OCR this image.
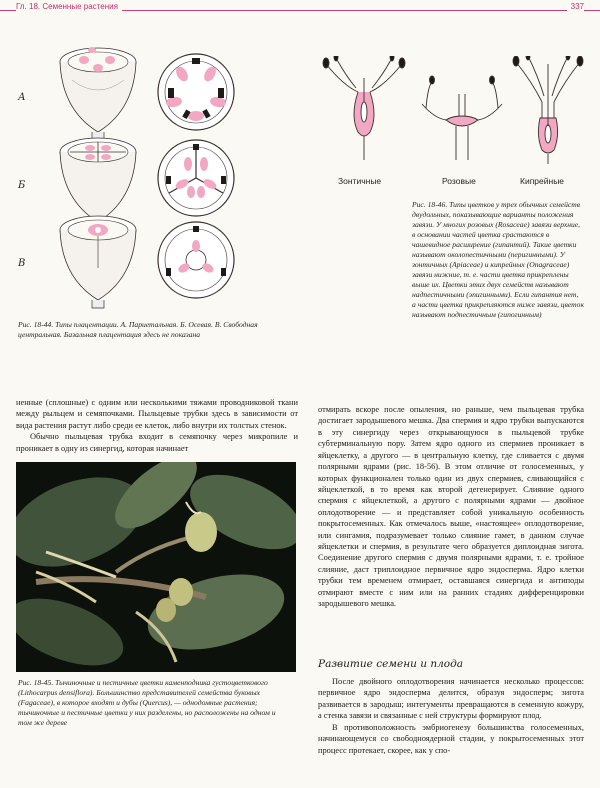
Гл. 18. Семенные растения	337
А
Б
В
Рис. 18-44. Типы плацентации. А. Париетальная. Б. Осевая. В. Свободная центральная. Базальная плацентация здесь не показана
Зонтичные	Розовые	Кипрейные
Рис. 18-46. Типы цветков у трех обычных семейств двудольных, показывающие варианты положения завязи. У многих розовых (Rosaceae) завязи верхние, в основании частей цветка срастаются в чашевидное расширение (гипантий). Такие цветки называют околопестичными (перигинными). У зонтичных (Apiaceae) и кипрейных (Onagraceae) завязи нижние, т. е. части цветка прикреплены выше их. Цветки этих двух семейств называют надпестичными (эпигинными). Если гипантия нет, а части цветка прикрепляются ниже завязи, цветок называют подпестичным (гипогинным)

ненные (сплошные) с одним или несколькими тяжами проводниковой ткани между рыльцем и семяпочками. Пыльцевые трубки здесь в зависимости от вида растения растут либо среди ее клеток, либо внутри их толстых стенок.

Обычно пыльцевая трубка входит в семяпочку через микропиле и проникает в одну из синергид, которая начинает

Рис. 18-45. Тычиночные и пестичные цветки каменподника густоцветкового (Lithocarpus densiflora). Большинство представителей семейства буковых (Fagaceae), в которое входят и дубы (Quercus), — однодомные растения; тычиночные и пестичные цветки у них разделены, но расположены на одном и том же дереве

отмирать вскоре после опыления, но раньше, чем пыльцевая трубка достигает зародышевого мешка. Два спермия и ядро трубки выпускаются в эту синергиду через открывающуюся в пыльцевой трубке субтерминальную пору. Затем ядро одного из спермиев проникает в яйцеклетку, а другого — в центральную клетку, где сливается с двумя полярными ядрами (рис. 18-56). В этом отличие от голосеменных, у которых функционален только один из двух спермиев, сливающийся с яйцеклеткой, в то время как второй дегенерирует. Слияние одного спермия с яйцеклеткой, а другого с полярными ядрами — двойное оплодотворение — и представляет собой уникальную особенность покрытосеменных. Как отмечалось выше, «настоящее» оплодотворение, или сингамия, подразумевает только слияние гамет, в данном случае яйцеклетки и спермия, в результате чего образуется диплоидная зигота. Соединение другого спермия с двумя полярными ядрами, т. е. тройное слияние, даст триплоидное первичное ядро эндосперма. Ядро клетки трубки тем временем отмирает, оставшаяся синергида и антиподы отмирают вместе с ним или на ранних стадиях дифференцировки зародышевого мешка.

Развитие семени и плода

После двойного оплодотворения начинается несколько процессов: первичное ядро эндосперма делится, образуя эндосперм; зигота развивается в зародыш; интегументы превращаются в семенную кожуру, а стенка завязи и связанные с ней структуры формируют плод.

В противоположность эмбриогенезу большинства голосеменных, начинающемуся со свободноядерной стадии, у покрытосеменных этот процесс протекает, скорее, как у спо-
